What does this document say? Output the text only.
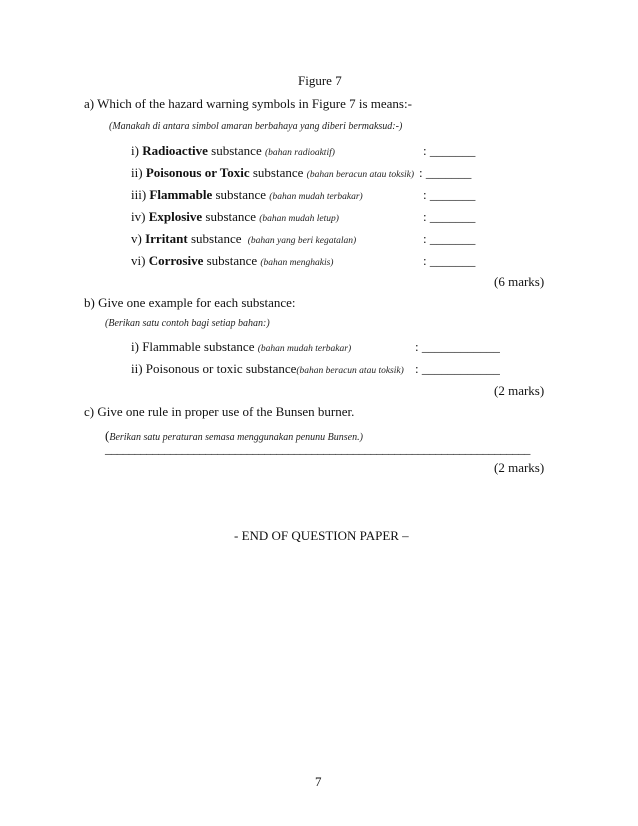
Figure 7
a) Which of the hazard warning symbols in Figure 7 is means:-
(Manakah di antara simbol amaran berbahaya yang diberi bermaksud:-)
i) Radioactive substance (bahan radioaktif)	: _______
ii) Poisonous or Toxic substance (bahan beracun atau toksik) : _______
iii) Flammable substance (bahan mudah terbakar)	: _______
iv) Explosive substance (bahan mudah letup)	: _______
v) Irritant substance (bahan yang beri kegatalan)	: _______
vi) Corrosive substance (bahan menghakis)	: _______
(6 marks)
b) Give one example for each substance:
(Berikan satu contoh bagi setiap bahan:)
i) Flammable substance (bahan mudah terbakar)	: ____________
ii) Poisonous or toxic substance(bahan beracun atau toksik) : ____________
(2 marks)
c) Give one rule in proper use of the Bunsen burner.
(Berikan satu peraturan semasa menggunakan penunu Bunsen.)
________________________________________________________________________
(2 marks)
- END OF QUESTION PAPER –
7
